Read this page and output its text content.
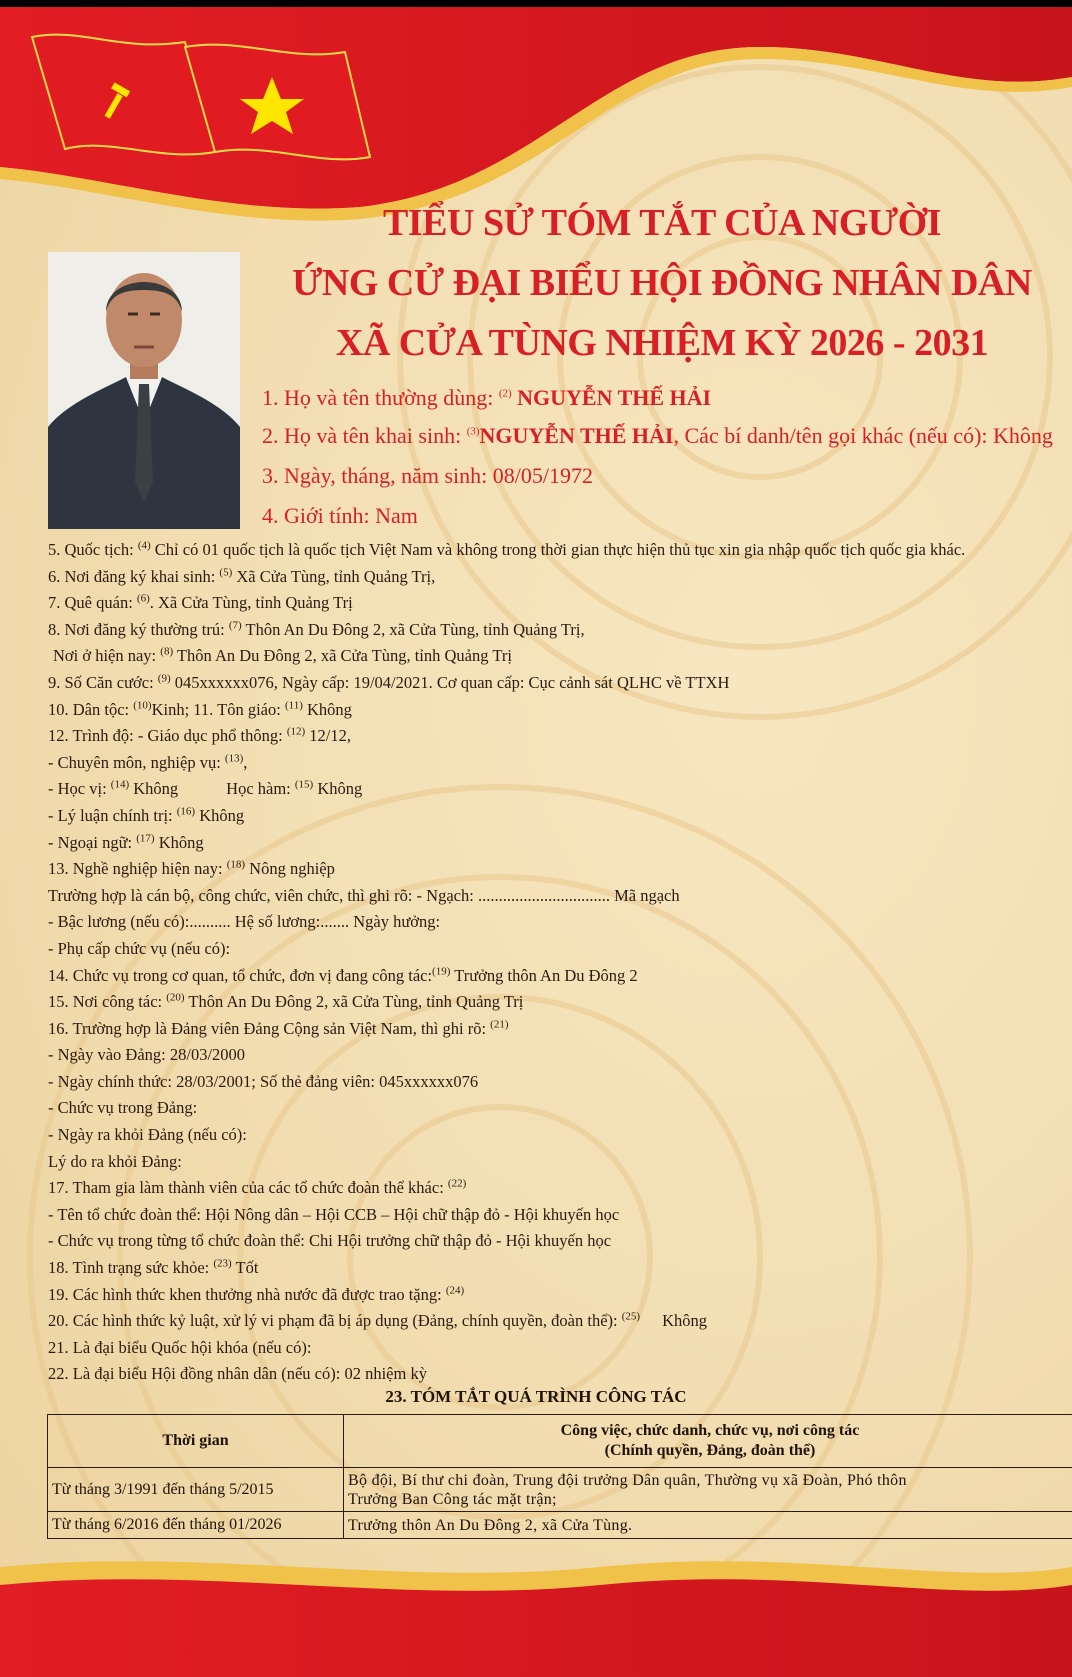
TIỂU SỬ TÓM TẮT CỦA NGƯỜI

ỨNG CỬ ĐẠI BIỂU HỘI ĐỒNG NHÂN DÂN

XÃ CỬA TÙNG NHIỆM KỲ 2026 - 2031

1. Họ và tên thường dùng: $^{(2)}$ NGUYỄN THẾ HẢI

2. Họ và tên khai sinh: $^{(3)}$NGUYỄN THẾ HẢI, Các bí danh/tên gọi khác (nếu có): Không

3. Ngày, tháng, năm sinh: 08/05/1972

4. Giới tính: Nam

5. Quốc tịch: $^{(4)}$ Chỉ có 01 quốc tịch là quốc tịch Việt Nam và không trong thời gian thực hiện thủ tục xin gia nhập quốc tịch quốc gia khác.
6. Nơi đăng ký khai sinh: $^{(5)}$ Xã Cửa Tùng, tỉnh Quảng Trị,
7. Quê quán: $^{(6)}$. Xã Cửa Tùng, tỉnh Quảng Trị
8. Nơi đăng ký thường trú: $^{(7)}$ Thôn An Du Đông 2, xã Cửa Tùng, tỉnh Quảng Trị,
Nơi ở hiện nay: $^{(8)}$ Thôn An Du Đông 2, xã Cửa Tùng, tỉnh Quảng Trị
9. Số Căn cước: $^{(9)}$ 045xxxxxx076, Ngày cấp: 19/04/2021. Cơ quan cấp: Cục cảnh sát QLHC về TTXH
10. Dân tộc: $^{(10)}$Kinh; 11. Tôn giáo: $^{(11)}$ Không
12. Trình độ: - Giáo dục phổ thông: $^{(12)}$ 12/12,
- Chuyên môn, nghiệp vụ: $^{(13)}$,
- Học vị: $^{(14)}$ Không	Học hàm: $^{(15)}$ Không
- Lý luận chính trị: $^{(16)}$ Không
- Ngoại ngữ: $^{(17)}$ Không
13. Nghề nghiệp hiện nay: $^{(18)}$ Nông nghiệp
Trường hợp là cán bộ, công chức, viên chức, thì ghi rõ: - Ngạch: ................................ Mã ngạch
- Bậc lương (nếu có):.......... Hệ số lương:....... Ngày hưởng:
- Phụ cấp chức vụ (nếu có):
14. Chức vụ trong cơ quan, tổ chức, đơn vị đang công tác:$^{(19)}$ Trưởng thôn An Du Đông 2
15. Nơi công tác: $^{(20)}$ Thôn An Du Đông 2, xã Cửa Tùng, tỉnh Quảng Trị
16. Trường hợp là Đảng viên Đảng Cộng sản Việt Nam, thì ghi rõ: $^{(21)}$
- Ngày vào Đảng: 28/03/2000
- Ngày chính thức: 28/03/2001; Số thẻ đảng viên: 045xxxxxx076
- Chức vụ trong Đảng:
- Ngày ra khỏi Đảng (nếu có):
Lý do ra khỏi Đảng:
17. Tham gia làm thành viên của các tổ chức đoàn thể khác: $^{(22)}$
- Tên tổ chức đoàn thể: Hội Nông dân – Hội CCB – Hội chữ thập đỏ - Hội khuyến học
- Chức vụ trong từng tổ chức đoàn thể: Chi Hội trưởng chữ thập đỏ - Hội khuyến học
18. Tình trạng sức khỏe: $^{(23)}$ Tốt
19. Các hình thức khen thưởng nhà nước đã được trao tặng: $^{(24)}$
20. Các hình thức kỷ luật, xử lý vi phạm đã bị áp dụng (Đảng, chính quyền, đoàn thể): $^{(25)}$ Không
21. Là đại biểu Quốc hội khóa (nếu có):
22. Là đại biểu Hội đồng nhân dân (nếu có): 02 nhiệm kỳ

23. TÓM TẮT QUÁ TRÌNH CÔNG TÁC

Thời gian	Công việc, chức danh, chức vụ, nơi công tác
(Chính quyền, Đảng, đoàn thể)

Từ tháng 3/1991 đến tháng 5/2015	Bộ đội, Bí thư chi đoàn, Trung đội trưởng Dân quân, Thường vụ xã Đoàn, Phó thôn
Trưởng Ban Công tác mặt trận;

Từ tháng 6/2016 đến tháng 01/2026	Trưởng thôn An Du Đông 2, xã Cửa Tùng.
